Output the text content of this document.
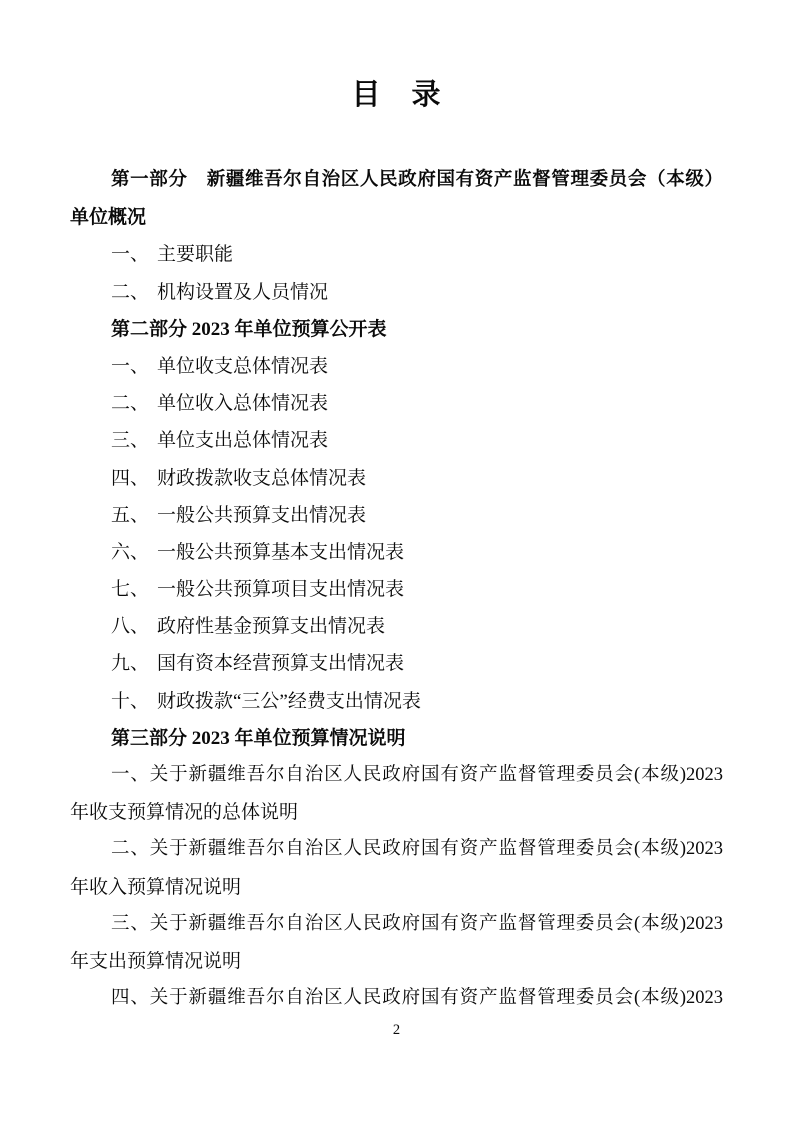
目　录
第一部分　新疆维吾尔自治区人民政府国有资产监督管理委员会（本级）
单位概况
一、 主要职能
二、 机构设置及人员情况
第二部分 2023 年单位预算公开表
一、 单位收支总体情况表
二、 单位收入总体情况表
三、 单位支出总体情况表
四、 财政拨款收支总体情况表
五、 一般公共预算支出情况表
六、 一般公共预算基本支出情况表
七、 一般公共预算项目支出情况表
八、 政府性基金预算支出情况表
九、 国有资本经营预算支出情况表
十、 财政拨款“三公”经费支出情况表
第三部分 2023 年单位预算情况说明
一、关于新疆维吾尔自治区人民政府国有资产监督管理委员会(本级)2023
年收支预算情况的总体说明
二、关于新疆维吾尔自治区人民政府国有资产监督管理委员会(本级)2023
年收入预算情况说明
三、关于新疆维吾尔自治区人民政府国有资产监督管理委员会(本级)2023
年支出预算情况说明
四、关于新疆维吾尔自治区人民政府国有资产监督管理委员会(本级)2023
2
